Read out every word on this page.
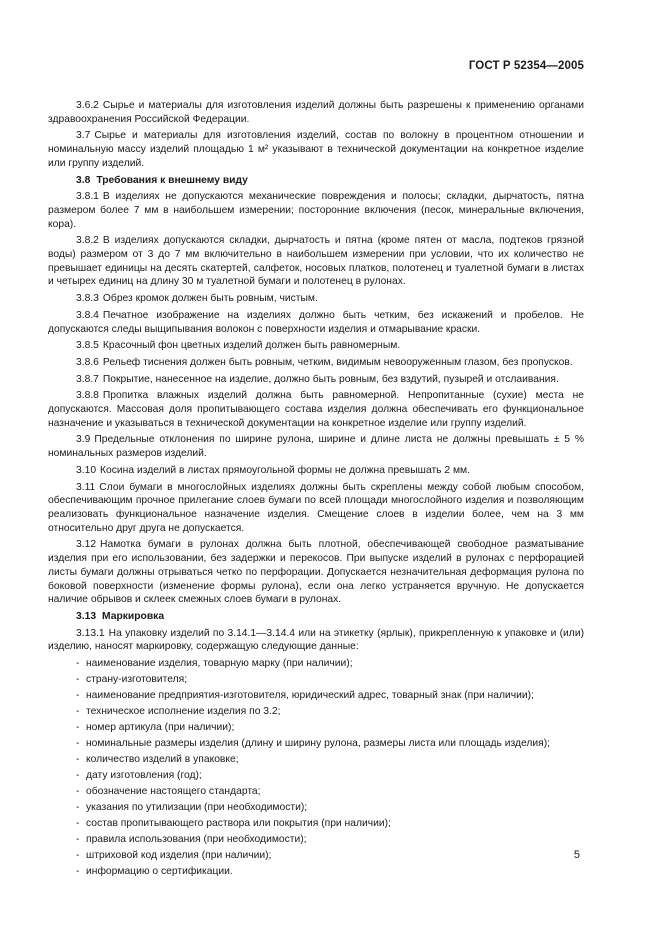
ГОСТ Р 52354—2005
3.6.2 Сырье и материалы для изготовления изделий должны быть разрешены к применению органами здравоохранения Российской Федерации.
3.7 Сырье и материалы для изготовления изделий, состав по волокну в процентном отношении и номинальную массу изделий площадью 1 м² указывают в технической документации на конкретное изделие или группу изделий.
3.8 Требования к внешнему виду
3.8.1 В изделиях не допускаются механические повреждения и полосы; складки, дырчатость, пятна размером более 7 мм в наибольшем измерении; посторонние включения (песок, минеральные включения, кора).
3.8.2 В изделиях допускаются складки, дырчатость и пятна (кроме пятен от масла, подтеков грязной воды) размером от 3 до 7 мм включительно в наибольшем измерении при условии, что их количество не превышает единицы на десять скатертей, салфеток, носовых платков, полотенец и туалетной бумаги в листах и четырех единиц на длину 30 м туалетной бумаги и полотенец в рулонах.
3.8.3 Обрез кромок должен быть ровным, чистым.
3.8.4 Печатное изображение на изделиях должно быть четким, без искажений и пробелов. Не допускаются следы выщипывания волокон с поверхности изделия и отмарывание краски.
3.8.5 Красочный фон цветных изделий должен быть равномерным.
3.8.6 Рельеф тиснения должен быть ровным, четким, видимым невооруженным глазом, без пропусков.
3.8.7 Покрытие, нанесенное на изделие, должно быть ровным, без вздутий, пузырей и отслаивания.
3.8.8 Пропитка влажных изделий должна быть равномерной. Непропитанные (сухие) места не допускаются. Массовая доля пропитывающего состава изделия должна обеспечивать его функциональное назначение и указываться в технической документации на конкретное изделие или группу изделий.
3.9 Предельные отклонения по ширине рулона, ширине и длине листа не должны превышать ± 5 % номинальных размеров изделий.
3.10 Косина изделий в листах прямоугольной формы не должна превышать 2 мм.
3.11 Слои бумаги в многослойных изделиях должны быть скреплены между собой любым способом, обеспечивающим прочное прилегание слоев бумаги по всей площади многослойного изделия и позволяющим реализовать функциональное назначение изделия. Смещение слоев в изделии более, чем на 3 мм относительно друг друга не допускается.
3.12 Намотка бумаги в рулонах должна быть плотной, обеспечивающей свободное разматывание изделия при его использовании, без задержки и перекосов. При выпуске изделий в рулонах с перфорацией листы бумаги должны отрываться четко по перфорации. Допускается незначительная деформация рулона по боковой поверхности (изменение формы рулона), если она легко устраняется вручную. Не допускается наличие обрывов и склеек смежных слоев бумаги в рулонах.
3.13 Маркировка
3.13.1 На упаковку изделий по 3.14.1—3.14.4 или на этикетку (ярлык), прикрепленную к упаковке и (или) изделию, наносят маркировку, содержащую следующие данные:
- наименование изделия, товарную марку (при наличии);
- страну-изготовителя;
- наименование предприятия-изготовителя, юридический адрес, товарный знак (при наличии);
- техническое исполнение изделия по 3.2;
- номер артикула (при наличии);
- номинальные размеры изделия (длину и ширину рулона, размеры листа или площадь изделия);
- количество изделий в упаковке;
- дату изготовления (год);
- обозначение настоящего стандарта;
- указания по утилизации (при необходимости);
- состав пропитывающего раствора или покрытия (при наличии);
- правила использования (при необходимости);
- штриховой код изделия (при наличии);
- информацию о сертификации.
5
